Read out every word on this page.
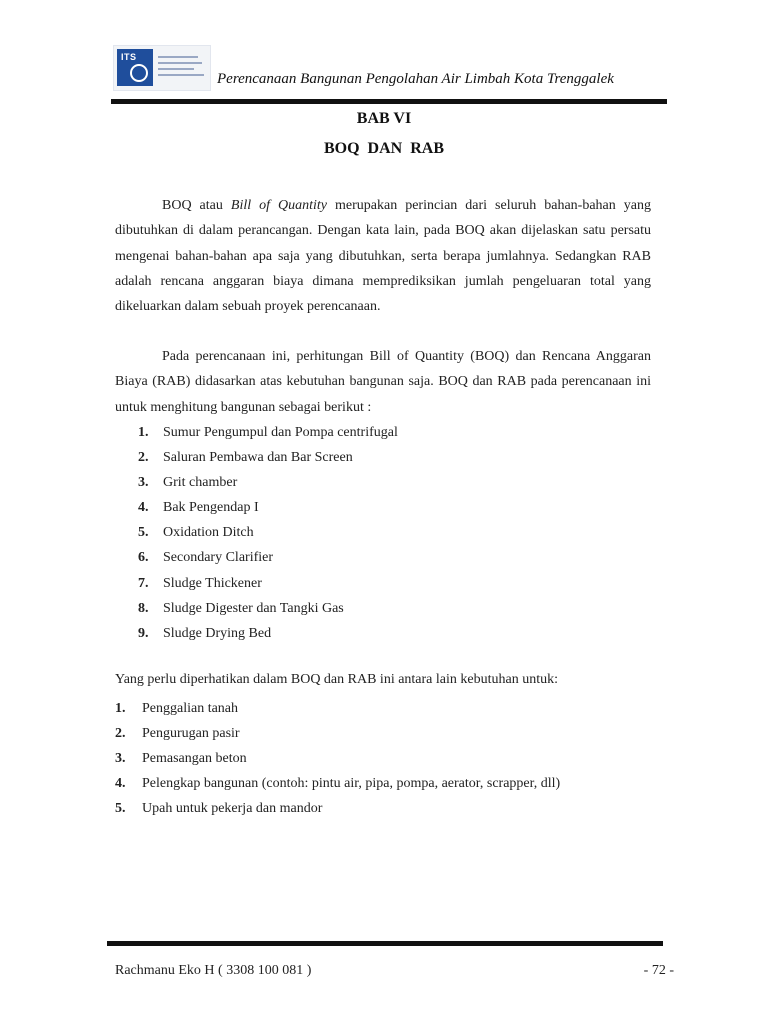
ITS
Perencanaan Bangunan Pengolahan Air Limbah Kota Trenggalek
BAB VI
BOQ  DAN  RAB
BOQ atau Bill of Quantity merupakan perincian dari seluruh bahan-bahan yang dibutuhkan di dalam perancangan. Dengan kata lain, pada BOQ akan dijelaskan satu persatu mengenai bahan-bahan apa saja yang dibutuhkan, serta berapa jumlahnya. Sedangkan RAB adalah rencana anggaran biaya dimana memprediksikan jumlah pengeluaran total yang dikeluarkan dalam sebuah proyek perencanaan.
Pada perencanaan ini, perhitungan Bill of Quantity (BOQ) dan Rencana Anggaran Biaya (RAB) didasarkan atas kebutuhan bangunan saja. BOQ dan RAB pada perencanaan ini untuk menghitung bangunan sebagai berikut :
1. Sumur Pengumpul dan Pompa centrifugal
2. Saluran Pembawa dan Bar Screen
3. Grit chamber
4. Bak Pengendap I
5. Oxidation Ditch
6. Secondary Clarifier
7. Sludge Thickener
8. Sludge Digester dan Tangki Gas
9. Sludge Drying Bed
Yang perlu diperhatikan dalam BOQ dan RAB ini antara lain kebutuhan untuk:
1. Penggalian tanah
2. Pengurugan pasir
3. Pemasangan beton
4. Pelengkap bangunan (contoh: pintu air, pipa, pompa, aerator, scrapper, dll)
5. Upah untuk pekerja dan mandor
Rachmanu Eko H ( 3308 100 081 )	- 72 -
